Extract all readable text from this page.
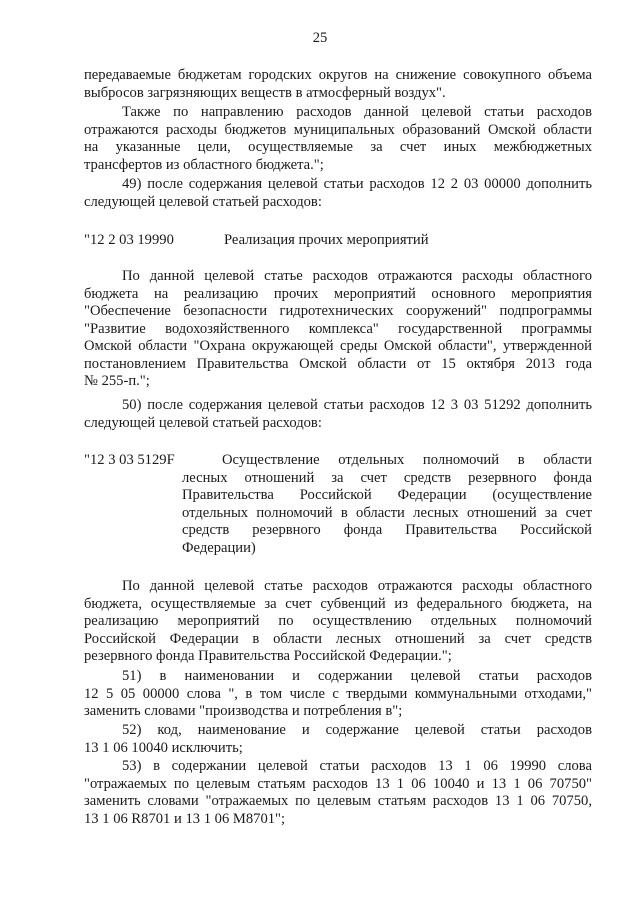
25
передаваемые бюджетам городских округов на снижение совокупного объема
выбросов загрязняющих веществ в атмосферный воздух".
Также по направлению расходов данной целевой статьи расходов
отражаются расходы бюджетов муниципальных образований Омской области
на указанные цели, осуществляемые за счет иных межбюджетных
трансфертов из областного бюджета.";
49) после содержания целевой статьи расходов 12 2 03 00000 дополнить
следующей целевой статьей расходов:
"12 2 03 19990	Реализация прочих мероприятий
По данной целевой статье расходов отражаются расходы областного
бюджета на реализацию прочих мероприятий основного мероприятия
"Обеспечение безопасности гидротехнических сооружений" подпрограммы
"Развитие водохозяйственного комплекса" государственной программы
Омской области "Охрана окружающей среды Омской области", утвержденной
постановлением Правительства Омской области от 15 октября 2013 года
№ 255-п.";
50) после содержания целевой статьи расходов 12 3 03 51292 дополнить
следующей целевой статьей расходов:
"12 3 03 5129F	Осуществление отдельных полномочий в области
лесных отношений за счет средств резервного фонда
Правительства Российской Федерации (осуществление
отдельных полномочий в области лесных отношений за счет
средств резервного фонда Правительства Российской
Федерации)
По данной целевой статье расходов отражаются расходы областного
бюджета, осуществляемые за счет субвенций из федерального бюджета, на
реализацию мероприятий по осуществлению отдельных полномочий
Российской Федерации в области лесных отношений за счет средств
резервного фонда Правительства Российской Федерации.";
51) в наименовании и содержании целевой статьи расходов
12 5 05 00000 слова ", в том числе с твердыми коммунальными отходами,"
заменить словами "производства и потребления в";
52) код, наименование и содержание целевой статьи расходов
13 1 06 10040 исключить;
53) в содержании целевой статьи расходов 13 1 06 19990 слова
"отражаемых по целевым статьям расходов 13 1 06 10040 и 13 1 06 70750"
заменить словами "отражаемых по целевым статьям расходов 13 1 06 70750,
13 1 06 R8701 и 13 1 06 M8701";
